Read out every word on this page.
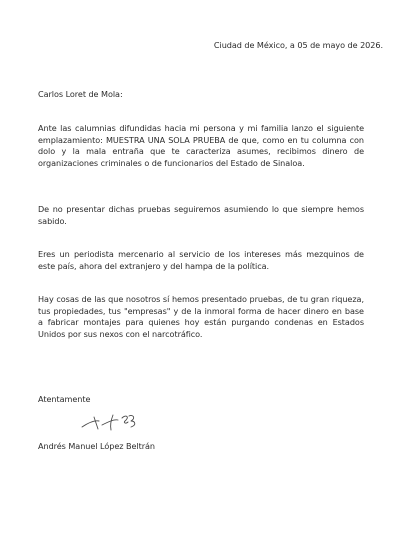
Ciudad de México, a 05 de mayo de 2026.
Carlos Loret de Mola:

Ante las calumnias difundidas hacia mi persona y mi familia lanzo el siguiente emplazamiento: MUESTRA UNA SOLA PRUEBA de que, como en tu columna con dolo y la mala entraña que te caracteriza asumes, recibimos dinero de organizaciones criminales o de funcionarios del Estado de Sinaloa.

De no presentar dichas pruebas seguiremos asumiendo lo que siempre hemos sabido.

Eres un periodista mercenario al servicio de los intereses más mezquinos de este país, ahora del extranjero y del hampa de la política.

Hay cosas de las que nosotros sí hemos presentado pruebas, de tu gran riqueza, tus propiedades, tus "empresas" y de la inmoral forma de hacer dinero en base a fabricar montajes para quienes hoy están purgando condenas en Estados Unidos por sus nexos con el narcotráfico.

Atentamente
Andrés Manuel López Beltrán
